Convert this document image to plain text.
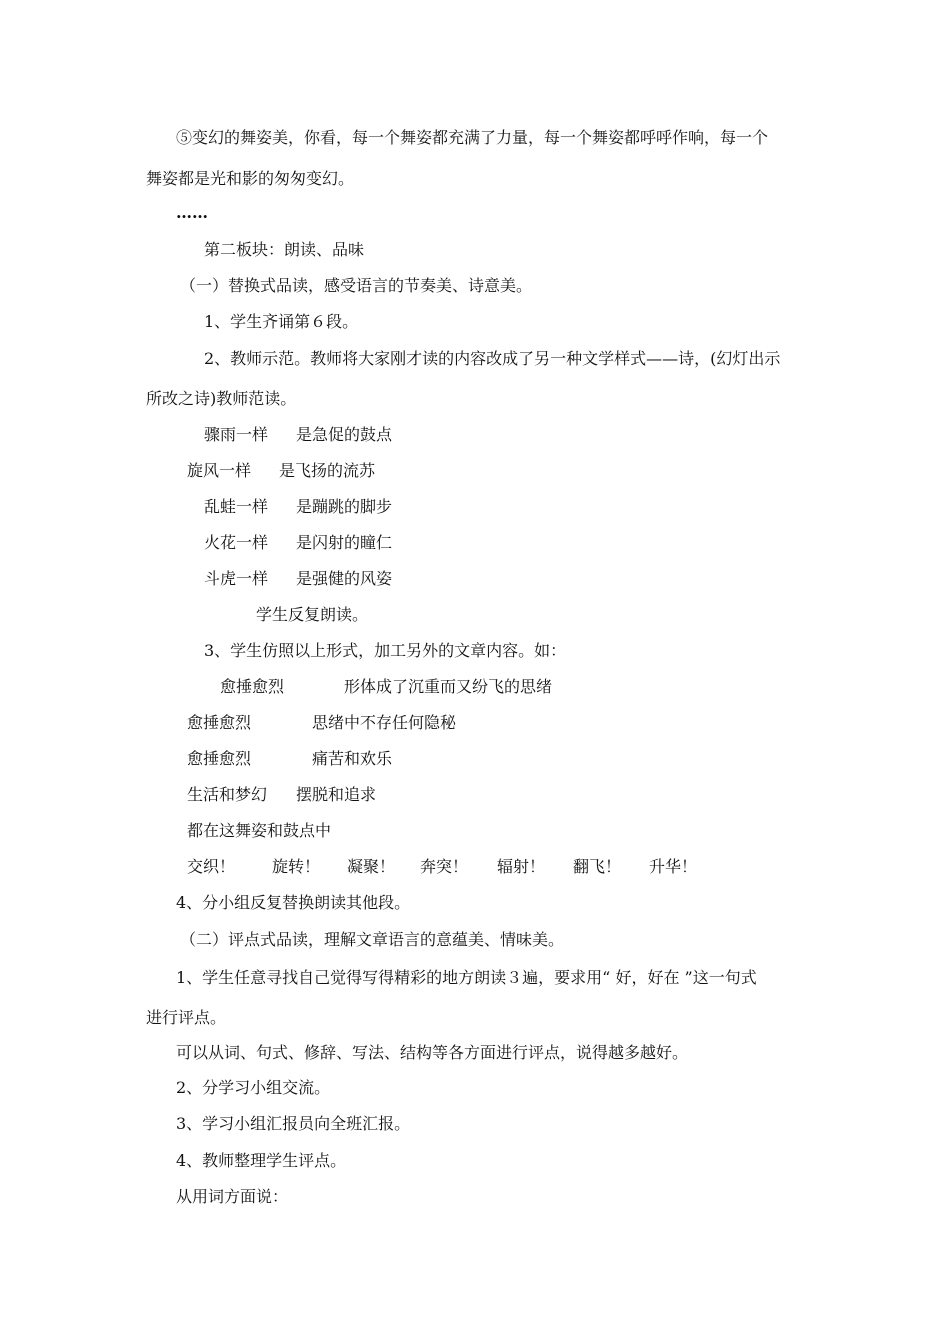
⑤变幻的舞姿美，你看，每一个舞姿都充满了力量，每一个舞姿都呼呼作响，每一个
舞姿都是光和影的匆匆变幻。
……
第二板块：朗读、品味
（一）替换式品读，感受语言的节奏美、诗意美。
1、学生齐诵第６段。
2、教师示范。教师将大家刚才读的内容改成了另一种文学样式——诗，(幻灯出示
所改之诗)教师范读。
骤雨一样 是急促的鼓点
旋风一样 是飞扬的流苏
乱蛙一样 是蹦跳的脚步
火花一样 是闪射的瞳仁
斗虎一样 是强健的风姿
学生反复朗读。
3、学生仿照以上形式，加工另外的文章内容。如：
愈捶愈烈	形体成了沉重而又纷飞的思绪
愈捶愈烈	思绪中不存任何隐秘
愈捶愈烈	痛苦和欢乐
生活和梦幻 摆脱和追求
都在这舞姿和鼓点中
交织！ 旋转！ 凝聚！ 奔突！ 辐射！ 翻飞！ 升华！
4、分小组反复替换朗读其他段。
（二）评点式品读，理解文章语言的意蕴美、情味美。
1、学生任意寻找自己觉得写得精彩的地方朗读３遍，要求用“ 好，好在 ”这一句式
进行评点。
可以从词、句式、修辞、写法、结构等各方面进行评点，说得越多越好。
2、分学习小组交流。
3、学习小组汇报员向全班汇报。
4、教师整理学生评点。
从用词方面说：
